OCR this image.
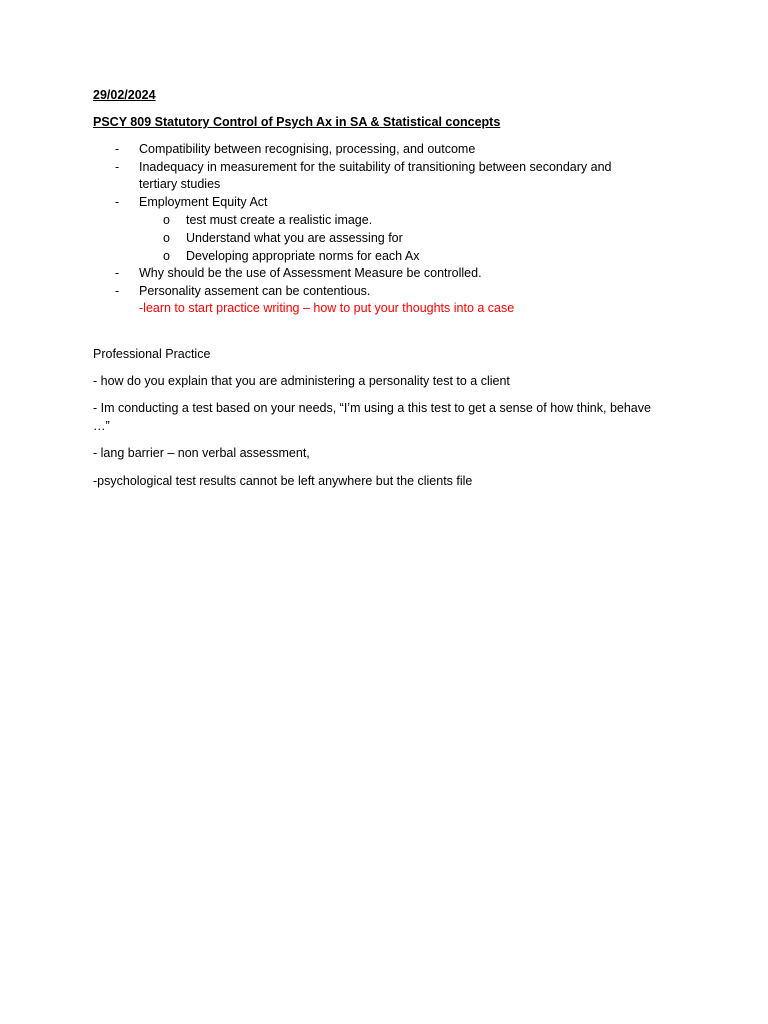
29/02/2024
PSCY 809 Statutory Control of Psych Ax in SA & Statistical concepts
- Compatibility between recognising, processing, and outcome
- Inadequacy in measurement for the suitability of transitioning between secondary and
tertiary studies
- Employment Equity Act
o test must create a realistic image.
o Understand what you are assessing for
o Developing appropriate norms for each Ax
- Why should be the use of Assessment Measure be controlled.
- Personality assement can be contentious.
-learn to start practice writing – how to put your thoughts into a case
Professional Practice
- how do you explain that you are administering a personality test to a client
- Im conducting a test based on your needs, “I’m using a this test to get a sense of how think, behave
…”
- lang barrier – non verbal assessment,
-psychological test results cannot be left anywhere but the clients file
